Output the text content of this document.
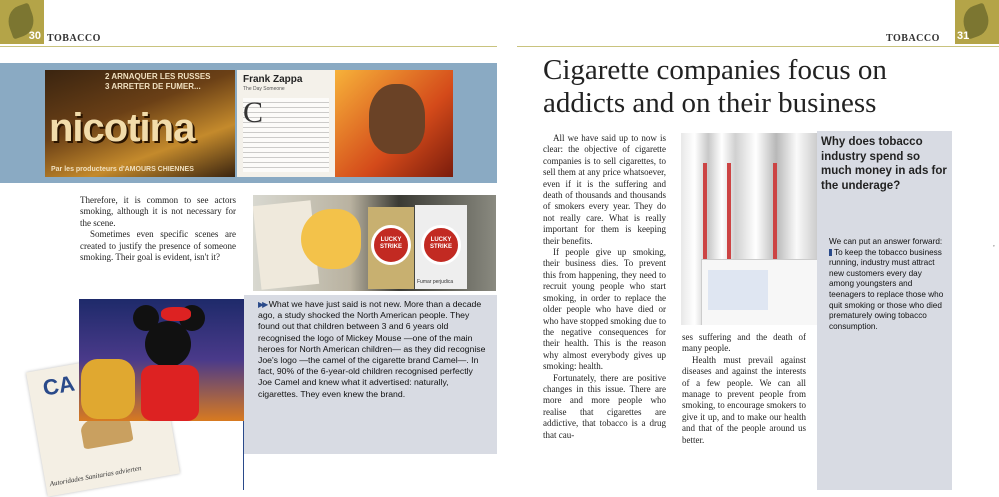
30 TOBACCO	31
TOBACCO
2 ARNAQUER LES RUSSES
3 ARRETER DE FUMER...
nicotina
Par les producteurs d'AMOURS CHIENNES
Frank Zappa
The Day Someone
C

Therefore, it is common to see actors smoking, although it is not necessary for the scene.

Sometimes even specific scenes are created to justify the presence of someone smoking. Their goal is evident, isn't it?

LUCKY STRIKE
LUCKY STRIKE
Fumar perjudica
CA
Autoridades Sanitarias advierten
▶▶ What we have just said is not new. More than a decade ago, a study shocked the North American people. They found out that children between 3 and 6 years old recognised the logo of Mickey Mouse —one of the main heroes for North American children— as they did recognise Joe's logo —the camel of the cigarette brand Camel—. In fact, 90% of the 6-year-old children recognised perfectly Joe Camel and knew what it advertised: naturally, cigarettes. They even knew the brand.
Cigarette companies focus on addicts and on their business

All we have said up to now is clear: the objective of cigarette companies is to sell cigarettes, to sell them at any price whatsoever, even if it is the suffering and death of thousands and thousands of smokers every year. They do not really care. What is really important for them is keeping their benefits.

If people give up smoking, their business dies. To prevent this from happening, they need to recruit young people who start smoking, in order to replace the older people who have died or who have stopped smoking due to the negative consequences for their health. This is the reason why almost everybody gives up smoking: health.

Fortunately, there are positive changes in this issue. There are more and more people who realise that cigarettes are addictive, that tobacco is a drug that cau-

ses suffering and the death of many people.

Health must prevail against diseases and against the interests of a few people. We can all manage to prevent people from smoking, to encourage smokers to give it up, and to make our health and that of the people around us better.

Why does tobacco industry spend so much money in ads for the underage?
We can put an answer forward:
To keep the tobacco business running, industry must attract new customers every day among youngsters and teenagers to replace those who quit smoking or those who died prematurely owing tobacco consumption.
’
